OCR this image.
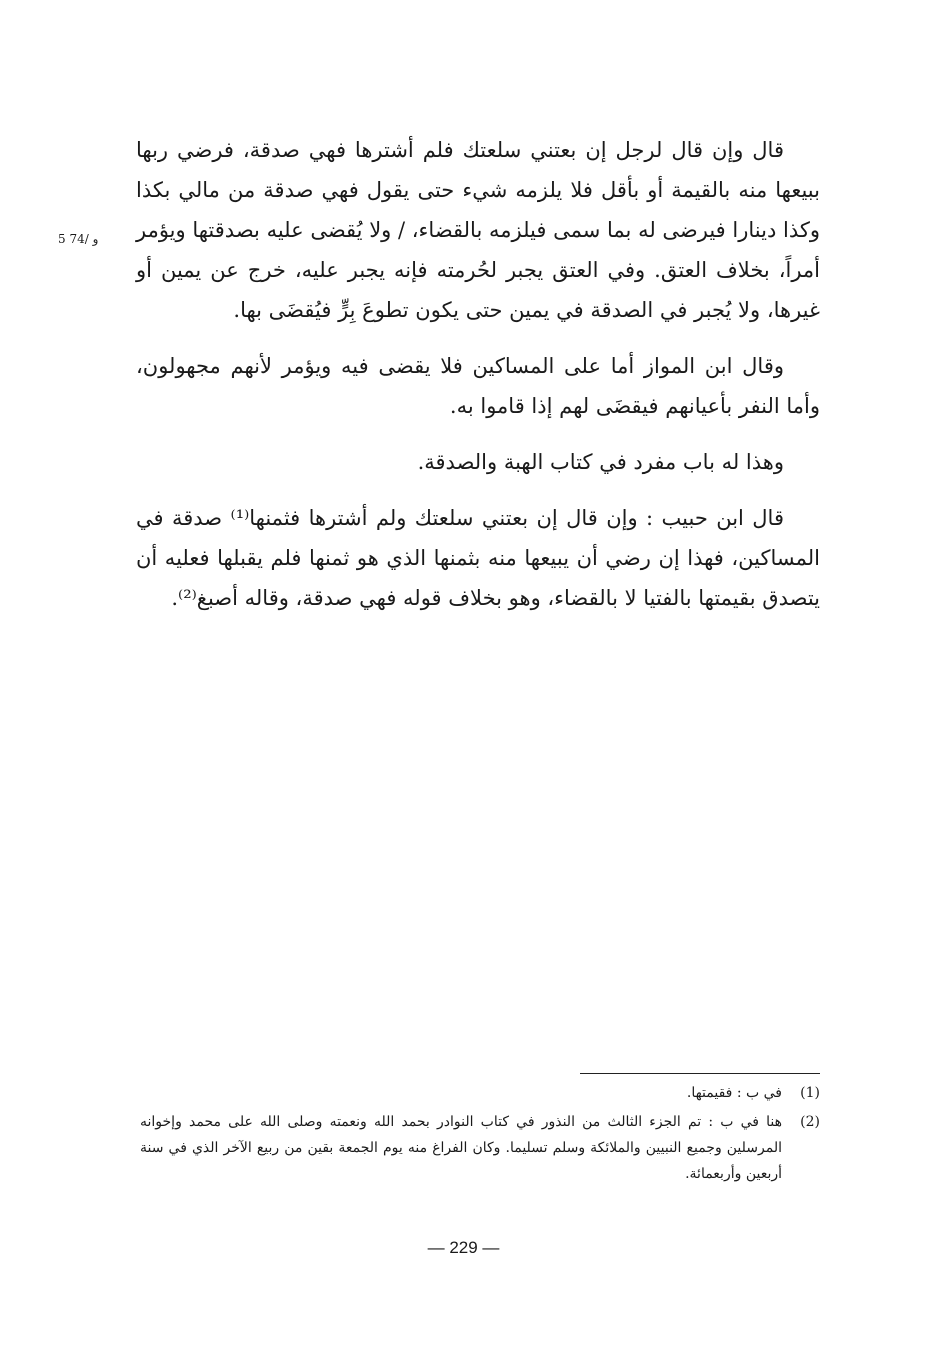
5 74/ و

قال وإن قال لرجل إن بعتني سلعتك فلم أشترها فهي صدقة، فرضي ربها ببيعها منه بالقيمة أو بأقل فلا يلزمه شيء حتى يقول فهي صدقة من مالي بكذا وكذا دينارا فيرضى له بما سمى فيلزمه بالقضاء، / ولا يُقضى عليه بصدقتها ويؤمر أمراً، بخلاف العتق. وفي العتق يجبر لحُرمته فإنه يجبر عليه، خرج عن يمين أو غيرها، ولا يُجبر في الصدقة في يمين حتى يكون تطوعَ بِرٍّ فيُقضَى بها.

وقال ابن المواز أما على المساكين فلا يقضى فيه ويؤمر لأنهم مجهولون، وأما النفر بأعيانهم فيقضَى لهم إذا قاموا به.

وهذا له باب مفرد في كتاب الهبة والصدقة.

قال ابن حبيب : وإن قال إن بعتني سلعتك ولم أشترها فثمنها⁽¹⁾ صدقة في المساكين، فهذا إن رضي أن يبيعها منه بثمنها الذي هو ثمنها فلم يقبلها فعليه أن يتصدق بقيمتها بالفتيا لا بالقضاء، وهو بخلاف قوله فهي صدقة، وقاله أصبغ⁽²⁾.

(1)
في ب : فقيمتها.
(2)
هنا في ب : تم الجزء الثالث من النذور في كتاب النوادر بحمد الله ونعمته وصلى الله على محمد وإخوانه المرسلين وجميع النبيين والملائكة وسلم تسليما. وكان الفراغ منه يوم الجمعة بقين من ربيع الآخر الذي في سنة أربعين وأربعمائة.
— 229 —
